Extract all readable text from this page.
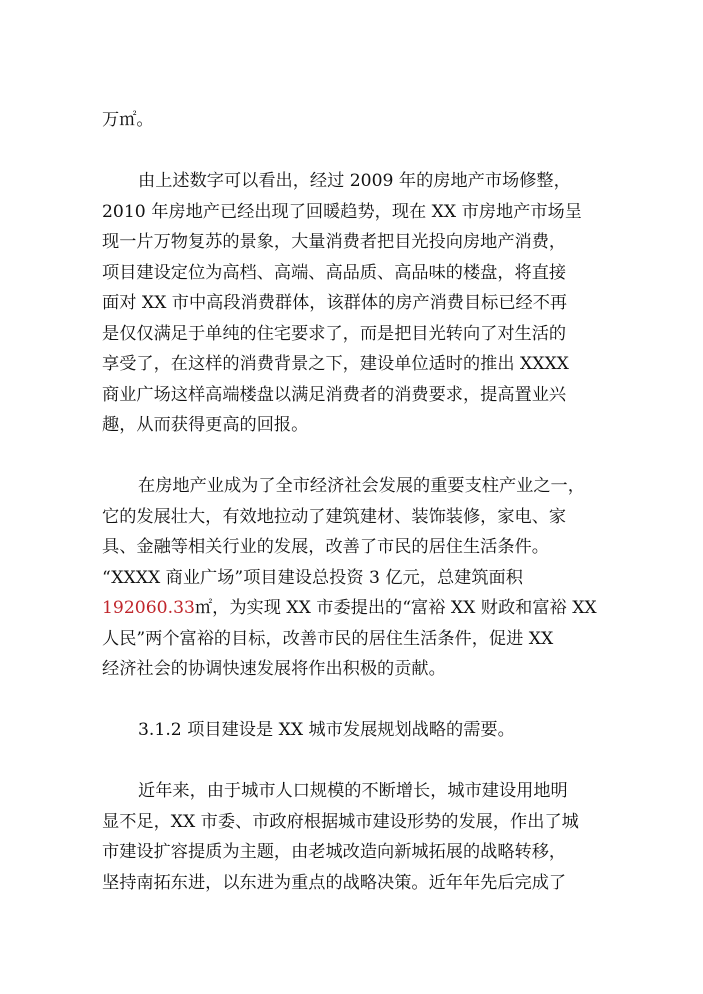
万㎡。
由上述数字可以看出，经过 2009 年的房地产市场修整，
2010 年房地产已经出现了回暖趋势，现在 XX 市房地产市场呈
现一片万物复苏的景象，大量消费者把目光投向房地产消费，
项目建设定位为高档、高端、高品质、高品味的楼盘，将直接
面对 XX 市中高段消费群体，该群体的房产消费目标已经不再
是仅仅满足于单纯的住宅要求了，而是把目光转向了对生活的
享受了，在这样的消费背景之下，建设单位适时的推出 XXXX
商业广场这样高端楼盘以满足消费者的消费要求，提高置业兴
趣，从而获得更高的回报。
在房地产业成为了全市经济社会发展的重要支柱产业之一，
它的发展壮大，有效地拉动了建筑建材、装饰装修，家电、家
具、金融等相关行业的发展，改善了市民的居住生活条件。
“XXXX 商业广场”项目建设总投资 3 亿元，总建筑面积
192060.33㎡，为实现 XX 市委提出的“富裕 XX 财政和富裕 XX
人民”两个富裕的目标，改善市民的居住生活条件，促进 XX
经济社会的协调快速发展将作出积极的贡献。
3.1.2 项目建设是 XX 城市发展规划战略的需要。
近年来，由于城市人口规模的不断增长，城市建设用地明
显不足，XX 市委、市政府根据城市建设形势的发展，作出了城
市建设扩容提质为主题，由老城改造向新城拓展的战略转移，
坚持南拓东进，以东进为重点的战略决策。近年年先后完成了
